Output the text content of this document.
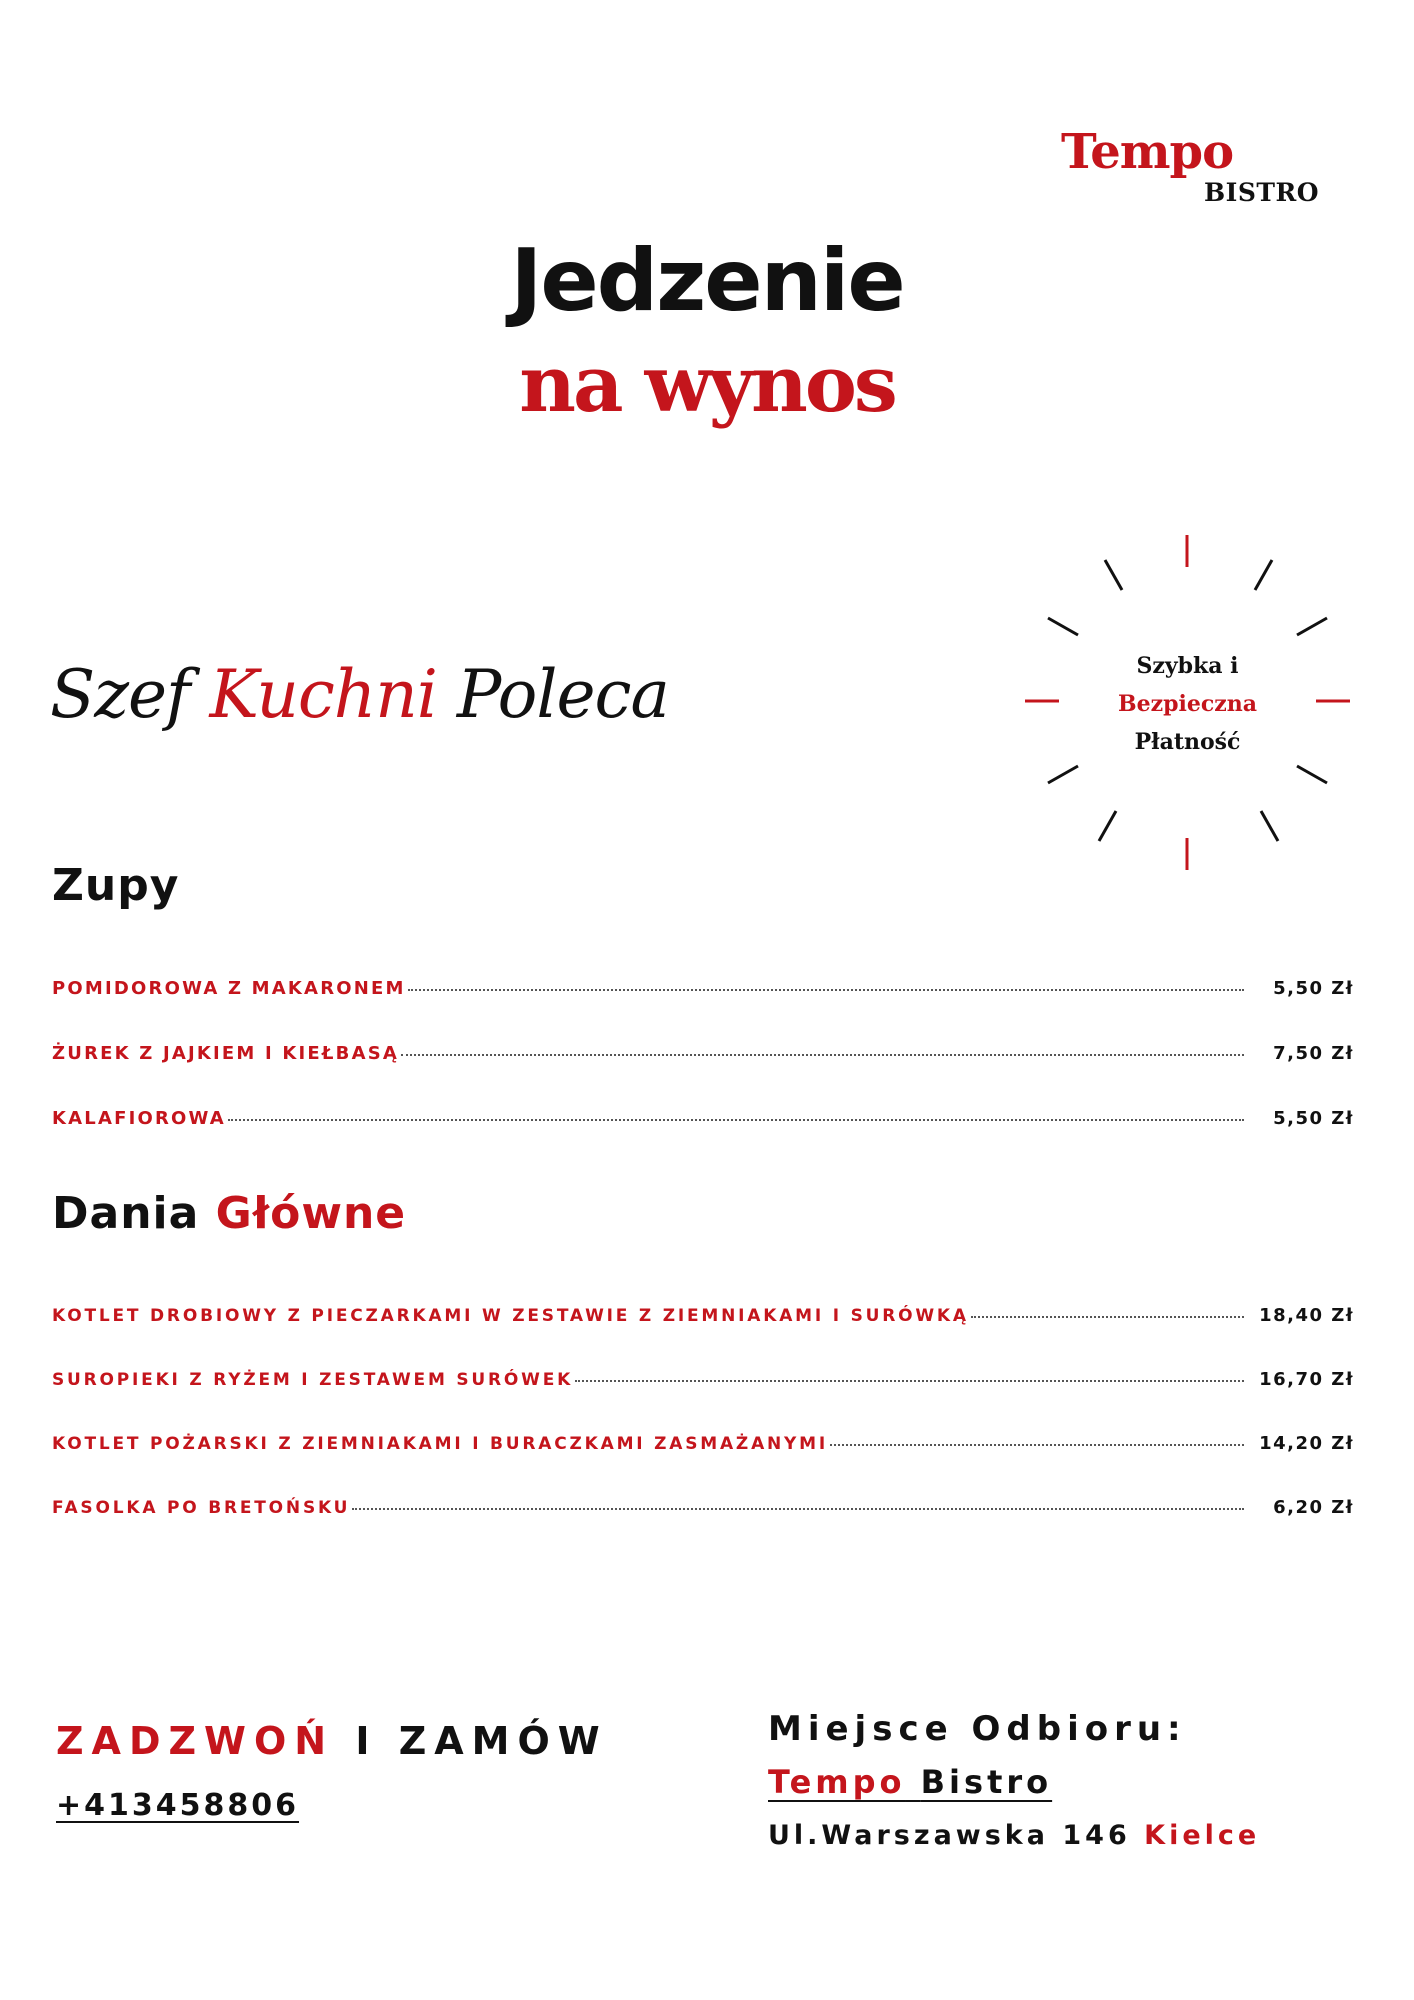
Tempo
BISTRO
Jedzenie
na wynos
Szef Kuchni Poleca	Szybka i
Bezpieczna
Płatność
Zupy
POMIDOROWA Z MAKARONEM	5,50 Zł
ŻUREK Z JAJKIEM I KIEŁBASĄ	7,50 Zł
KALAFIOROWA	5,50 Zł
Dania Główne
KOTLET DROBIOWY Z PIECZARKAMI W ZESTAWIE Z ZIEMNIAKAMI I SURÓWKĄ	18,40 Zł
SUROPIEKI Z RYŻEM I ZESTAWEM SURÓWEK	16,70 Zł
KOTLET POŻARSKI Z ZIEMNIAKAMI I BURACZKAMI ZASMAŻANYMI	14,20 Zł
FASOLKA PO BRETOŃSKU	6,20 Zł
ZADZWOŃ I ZAMÓW
+413458806
Miejsce Odbioru:
Tempo Bistro
Ul.Warszawska 146 Kielce
